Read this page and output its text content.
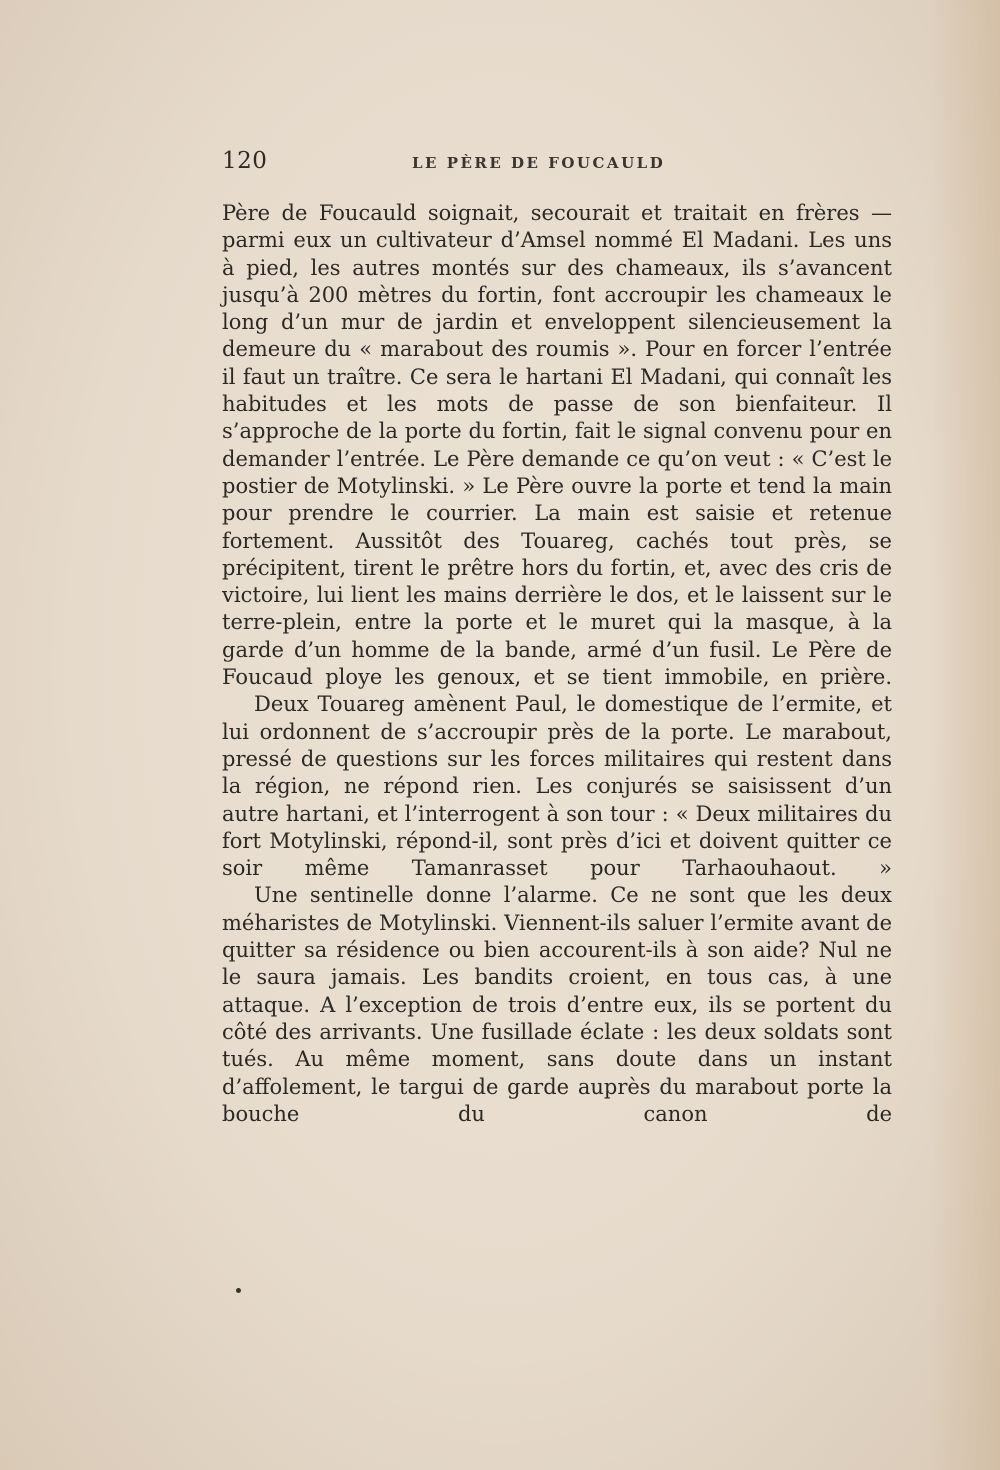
120	LE PÈRE DE FOUCAULD

Père de Foucauld soignait, secourait et traitait en frères — parmi eux un cultivateur d’Amsel nommé El Madani. Les uns à pied, les autres montés sur des chameaux, ils s’avancent jusqu’à 200 mètres du fortin, font accroupir les chameaux le long d’un mur de jardin et enveloppent silencieusement la demeure du « marabout des roumis ». Pour en forcer l’entrée il faut un traître. Ce sera le hartani El Madani, qui connaît les habitudes et les mots de passe de son bienfaiteur. Il s’approche de la porte du fortin, fait le signal convenu pour en demander l’entrée. Le Père demande ce qu’on veut : « C’est le postier de Motylinski. » Le Père ouvre la porte et tend la main pour prendre le courrier. La main est saisie et retenue fortement. Aussitôt des Touareg, cachés tout près, se précipitent, tirent le prêtre hors du fortin, et, avec des cris de victoire, lui lient les mains derrière le dos, et le laissent sur le terre-plein, entre la porte et le muret qui la masque, à la garde d’un homme de la bande, armé d’un fusil. Le Père de Foucaud ploye les genoux, et se tient immobile, en prière.

Deux Touareg amènent Paul, le domestique de l’ermite, et lui ordonnent de s’accroupir près de la porte. Le marabout, pressé de questions sur les forces militaires qui restent dans la région, ne répond rien. Les conjurés se saisissent d’un autre hartani, et l’interrogent à son tour : « Deux militaires du fort Motylinski, répond-il, sont près d’ici et doivent quitter ce soir même Tamanrasset pour Tarhaouhaout. »

Une sentinelle donne l’alarme. Ce ne sont que les deux méharistes de Motylinski. Viennent-ils saluer l’ermite avant de quitter sa résidence ou bien accourent-ils à son aide? Nul ne le saura jamais. Les bandits croient, en tous cas, à une attaque. A l’exception de trois d’entre eux, ils se portent du côté des arrivants. Une fusillade éclate : les deux soldats sont tués. Au même moment, sans doute dans un instant d’affolement, le targui de garde auprès du marabout porte la bouche du canon de
